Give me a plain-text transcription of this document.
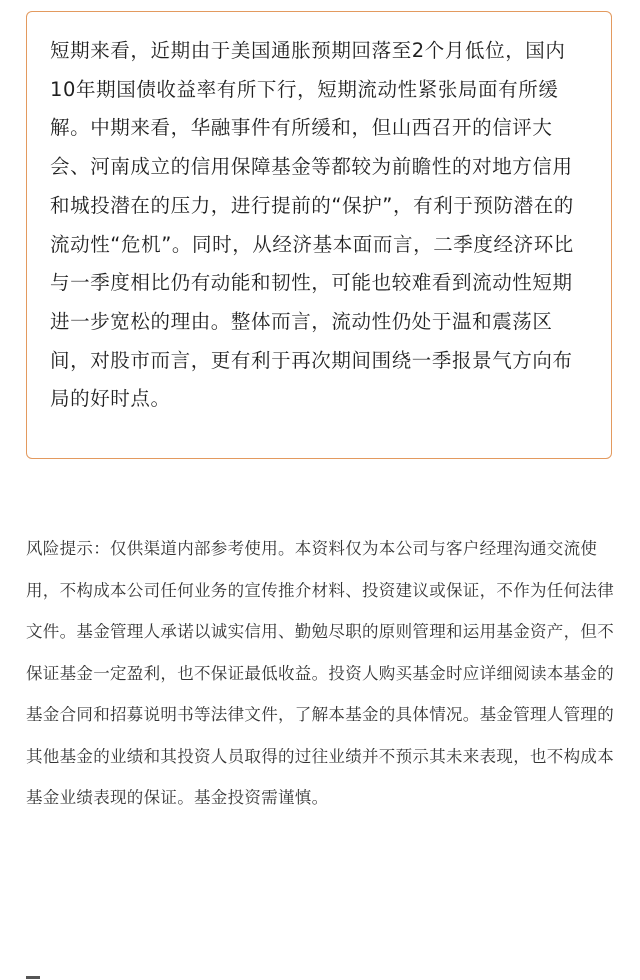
短期来看，近期由于美国通胀预期回落至2个月低位，国内10年期国债收益率有所下行，短期流动性紧张局面有所缓解。中期来看，华融事件有所缓和，但山西召开的信评大会、河南成立的信用保障基金等都较为前瞻性的对地方信用和城投潜在的压力，进行提前的“保护”，有利于预防潜在的流动性“危机”。同时，从经济基本面而言，二季度经济环比与一季度相比仍有动能和韧性，可能也较难看到流动性短期进一步宽松的理由。整体而言，流动性仍处于温和震荡区间，对股市而言，更有利于再次期间围绕一季报景气方向布局的好时点。

风险提示：仅供渠道内部参考使用。本资料仅为本公司与客户经理沟通交流使用，不构成本公司任何业务的宣传推介材料、投资建议或保证，不作为任何法律文件。基金管理人承诺以诚实信用、勤勉尽职的原则管理和运用基金资产，但不保证基金一定盈利，也不保证最低收益。投资人购买基金时应详细阅读本基金的基金合同和招募说明书等法律文件，了解本基金的具体情况。基金管理人管理的其他基金的业绩和其投资人员取得的过往业绩并不预示其未来表现，也不构成本基金业绩表现的保证。基金投资需谨慎。
